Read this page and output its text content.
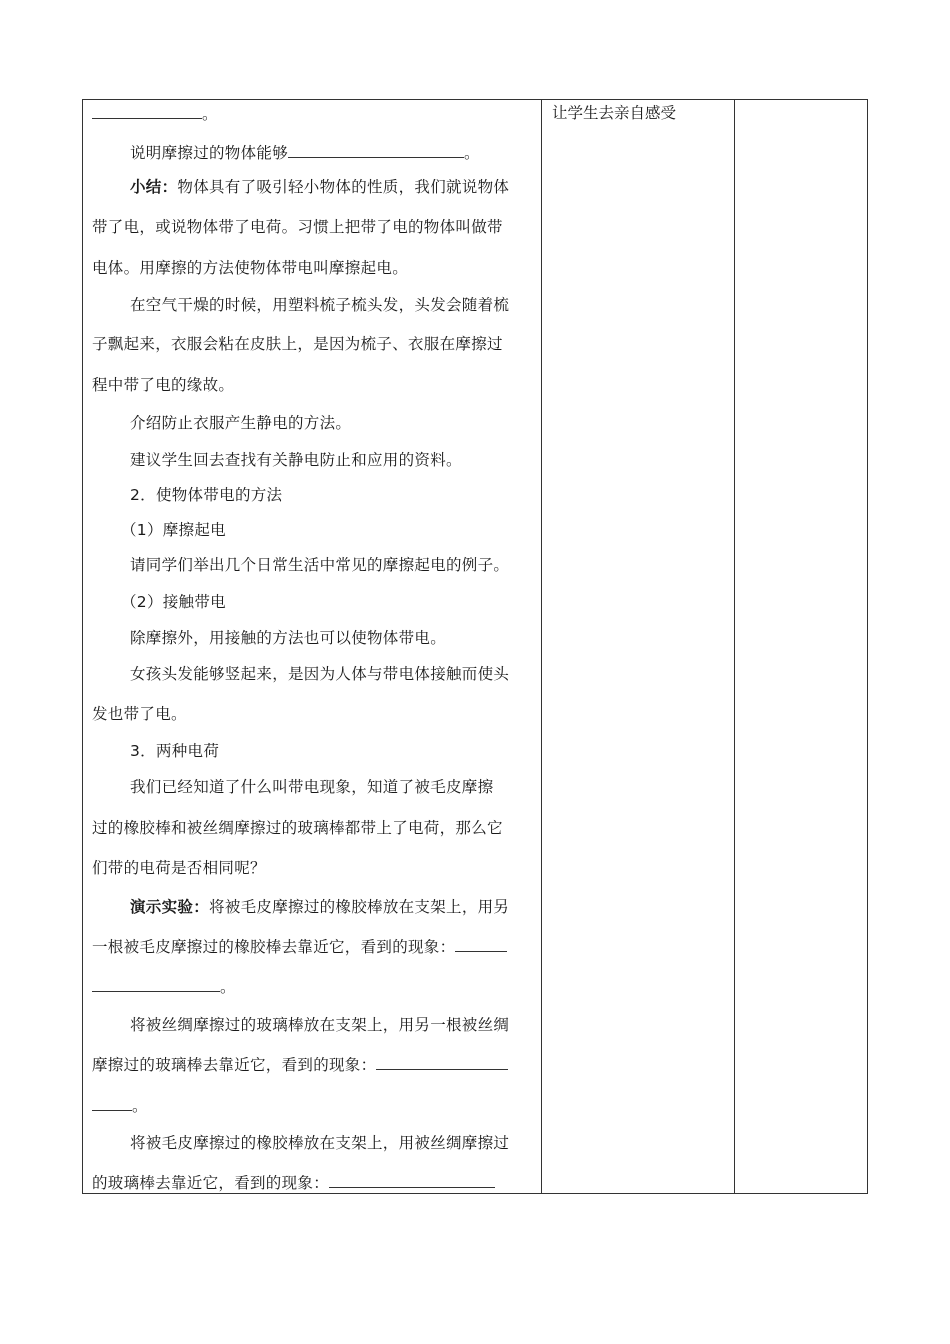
。
说明摩擦过的物体能够	。
小结：物体具有了吸引轻小物体的性质，我们就说物体
带了电，或说物体带了电荷。习惯上把带了电的物体叫做带
电体。用摩擦的方法使物体带电叫摩擦起电。
在空气干燥的时候，用塑料梳子梳头发，头发会随着梳
子飘起来，衣服会粘在皮肤上，是因为梳子、衣服在摩擦过
程中带了电的缘故。
介绍防止衣服产生静电的方法。
建议学生回去查找有关静电防止和应用的资料。
2．使物体带电的方法
（1）摩擦起电
请同学们举出几个日常生活中常见的摩擦起电的例子。
（2）接触带电
除摩擦外，用接触的方法也可以使物体带电。
女孩头发能够竖起来，是因为人体与带电体接触而使头
发也带了电。
3．两种电荷
我们已经知道了什么叫带电现象，知道了被毛皮摩擦
过的橡胶棒和被丝绸摩擦过的玻璃棒都带上了电荷，那么它
们带的电荷是否相同呢？
演示实验：将被毛皮摩擦过的橡胶棒放在支架上，用另
一根被毛皮摩擦过的橡胶棒去靠近它，看到的现象：
。
将被丝绸摩擦过的玻璃棒放在支架上，用另一根被丝绸
摩擦过的玻璃棒去靠近它，看到的现象：
。
将被毛皮摩擦过的橡胶棒放在支架上，用被丝绸摩擦过
的玻璃棒去靠近它，看到的现象：
让学生去亲自感受
